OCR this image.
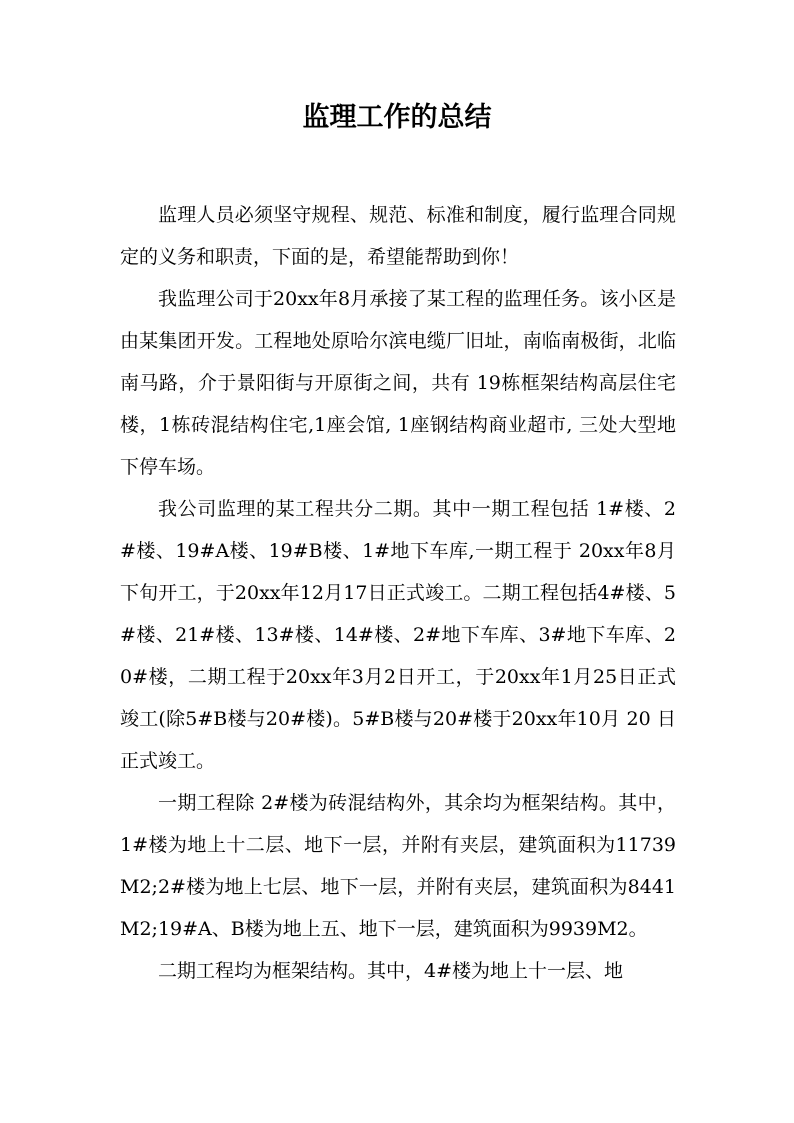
监理工作的总结

监理人员必须坚守规程、规范、标准和制度，履行监理合同规定的义务和职责，下面的是，希望能帮助到你！

我监理公司于20xx年8月承接了某工程的监理任务。该小区是由某集团开发。工程地处原哈尔滨电缆厂旧址，南临南极街，北临南马路，介于景阳街与开原街之间，共有 19栋框架结构高层住宅楼，1栋砖混结构住宅,1座会馆, 1座钢结构商业超市, 三处大型地下停车场。

我公司监理的某工程共分二期。其中一期工程包括 1#楼、2#楼、19#A楼、19#B楼、1#地下车库,一期工程于 20xx年8月下旬开工，于20xx年12月17日正式竣工。二期工程包括4#楼、5#楼、21#楼、13#楼、14#楼、2#地下车库、3#地下车库、20#楼，二期工程于20xx年3月2日开工，于20xx年1月25日正式竣工(除5#B楼与20#楼)。5#B楼与20#楼于20xx年10月 20 日正式竣工。

一期工程除 2#楼为砖混结构外，其余均为框架结构。其中，1#楼为地上十二层、地下一层，并附有夹层，建筑面积为11739M2;2#楼为地上七层、地下一层，并附有夹层，建筑面积为8441M2;19#A、B楼为地上五、地下一层，建筑面积为9939M2。

二期工程均为框架结构。其中，4#楼为地上十一层、地
